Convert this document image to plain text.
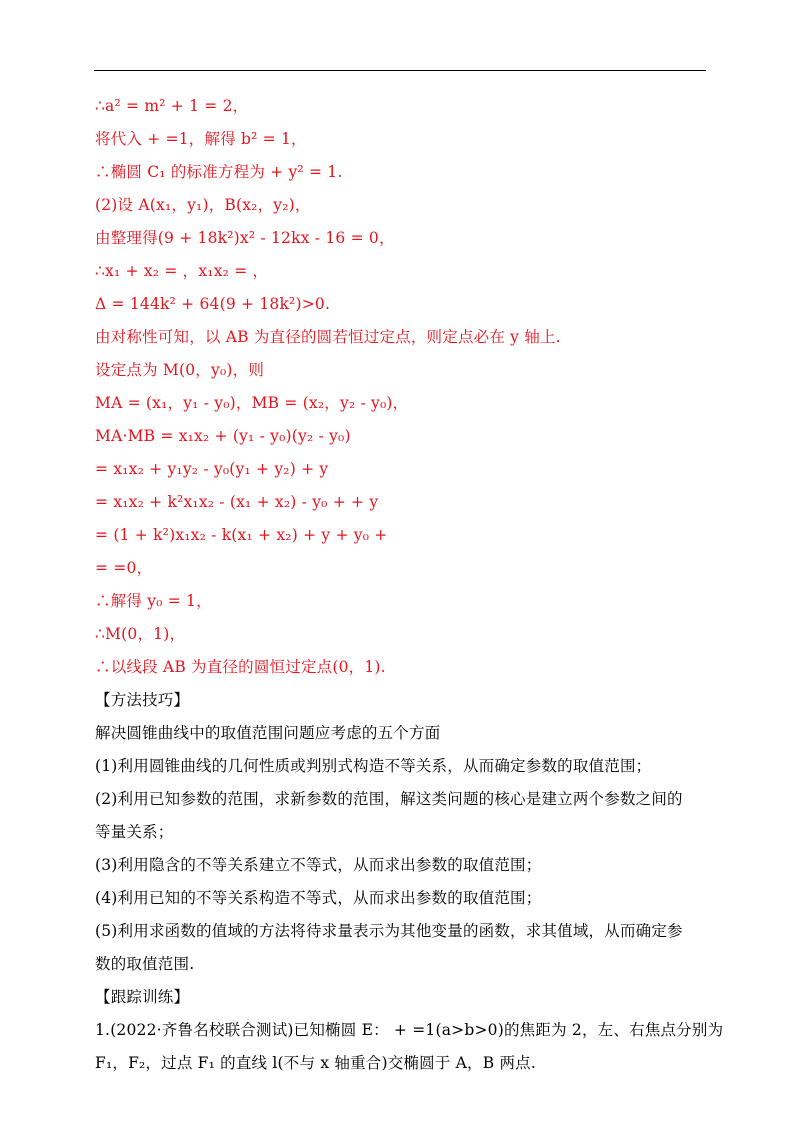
∴a² = m² + 1 = 2，
将代入 + =1，解得 b² = 1，
∴椭圆 C₁ 的标准方程为 + y² = 1.
(2)设 A(x₁，y₁)，B(x₂，y₂)，
由整理得(9 + 18k²)x² - 12kx - 16 = 0，
∴x₁ + x₂ = ，x₁x₂ = ，
Δ = 144k² + 64(9 + 18k²)>0.
由对称性可知，以 AB 为直径的圆若恒过定点，则定点必在 y 轴上.
设定点为 M(0，y₀)，则
MA = (x₁，y₁ - y₀)，MB = (x₂，y₂ - y₀)，
MA·MB = x₁x₂ + (y₁ - y₀)(y₂ - y₀)
= x₁x₂ + y₁y₂ - y₀(y₁ + y₂) + y
= x₁x₂ + k²x₁x₂ - (x₁ + x₂) - y₀ + + y
= (1 + k²)x₁x₂ - k(x₁ + x₂) + y + y₀ +
= =0，
∴解得 y₀ = 1，
∴M(0，1)，
∴以线段 AB 为直径的圆恒过定点(0，1).
【方法技巧】
解决圆锥曲线中的取值范围问题应考虑的五个方面
(1)利用圆锥曲线的几何性质或判别式构造不等关系，从而确定参数的取值范围；
(2)利用已知参数的范围，求新参数的范围，解这类问题的核心是建立两个参数之间的
等量关系；
(3)利用隐含的不等关系建立不等式，从而求出参数的取值范围；
(4)利用已知的不等关系构造不等式，从而求出参数的取值范围；
(5)利用求函数的值域的方法将待求量表示为其他变量的函数，求其值域，从而确定参
数的取值范围.
【跟踪训练】
1.(2022·齐鲁名校联合测试)已知椭圆 E： + =1(a>b>0)的焦距为 2，左、右焦点分别为
F₁，F₂，过点 F₁ 的直线 l(不与 x 轴重合)交椭圆于 A，B 两点.
